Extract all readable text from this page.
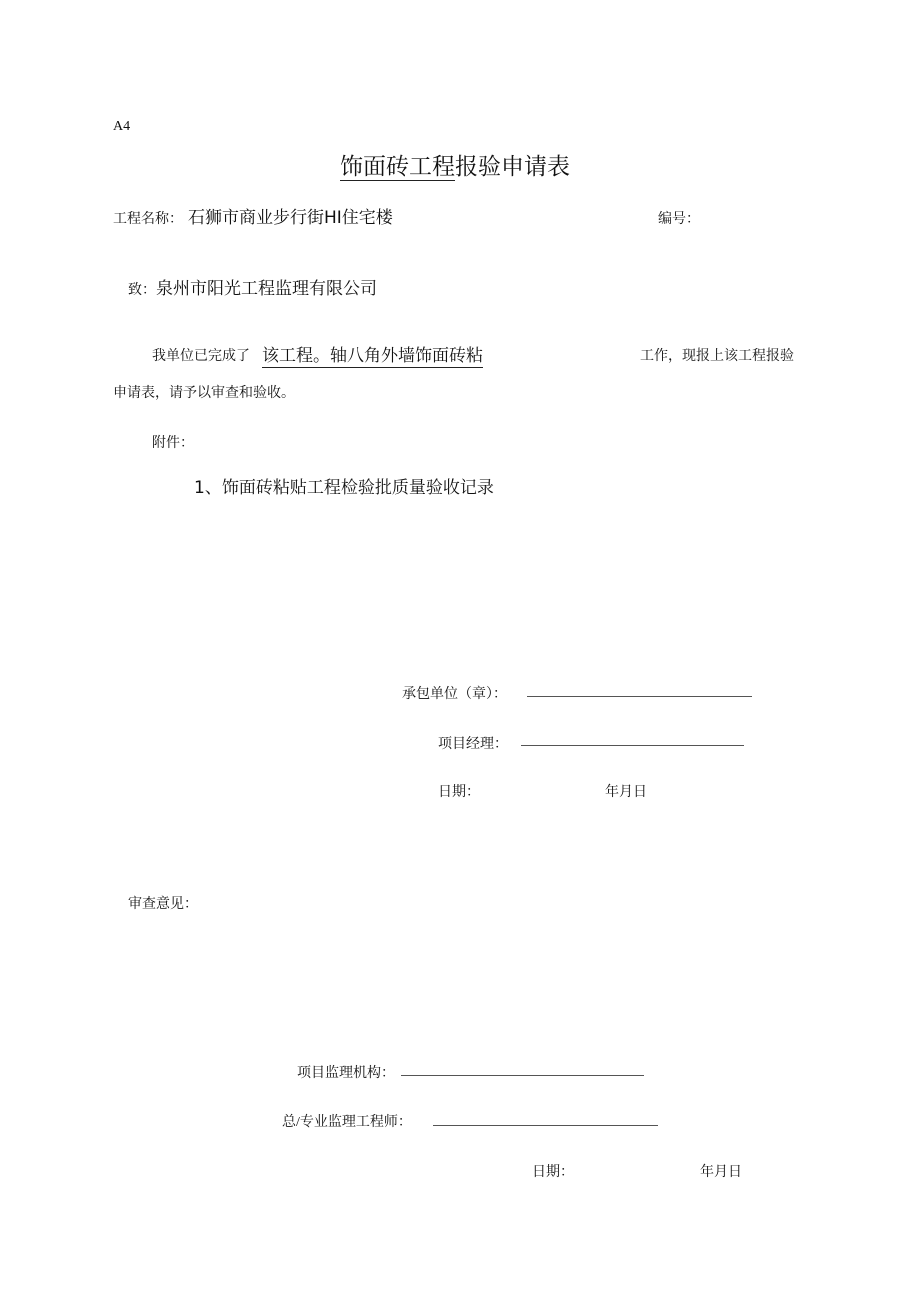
A4
饰面砖工程报验申请表
工程名称： 石狮市商业步行街HI住宅楼	编号：
致： 泉州市阳光工程监理有限公司
我单位已完成了 该工程。轴八角外墙饰面砖粘	工作，现报上该工程报验
申请表，请予以审查和验收。
附件：
1、饰面砖粘贴工程检验批质量验收记录
承包单位（章）：
项目经理：
日期：	年月日
审查意见：
项目监理机构：
总/专业监理工程师：
日期：	年月日
